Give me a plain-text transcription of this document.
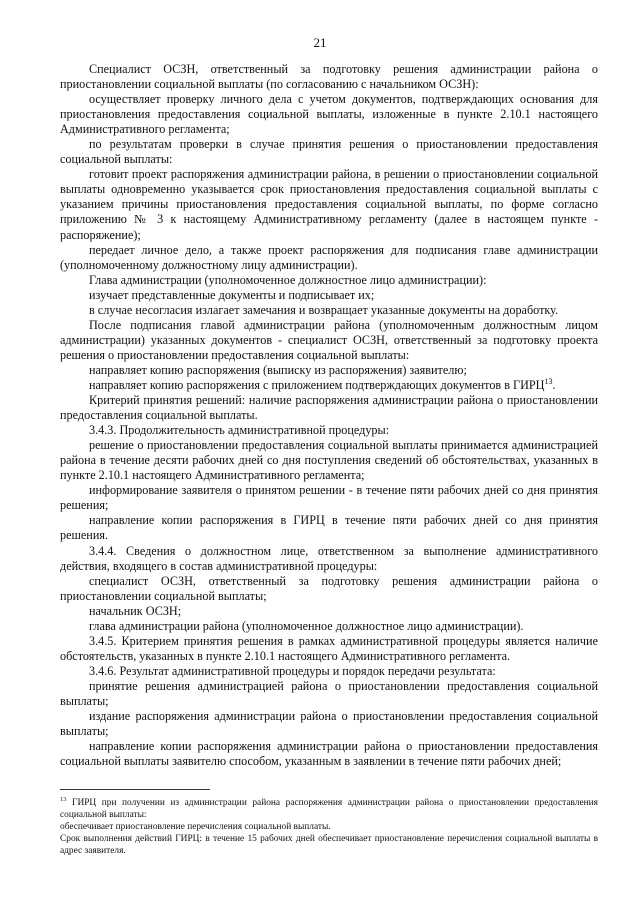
21

Специалист ОСЗН, ответственный за подготовку решения администрации района о приостановлении социальной выплаты (по согласованию с начальником ОСЗН):

осуществляет проверку личного дела с учетом документов, подтверждающих основания для приостановления предоставления социальной выплаты, изложенные в пункте 2.10.1 настоящего Административного регламента;

по результатам проверки в случае принятия решения о приостановлении предоставления социальной выплаты:

готовит проект распоряжения администрации района, в решении о приостановлении социальной выплаты одновременно указывается срок приостановления предоставления социальной выплаты с указанием причины приостановления предоставления социальной выплаты, по форме согласно приложению № 3 к настоящему Административному регламенту (далее в настоящем пункте - распоряжение);

передает личное дело, а также проект распоряжения для подписания главе администрации (уполномоченному должностному лицу администрации).

Глава администрации (уполномоченное должностное лицо администрации):

изучает представленные документы и подписывает их;

в случае несогласия излагает замечания и возвращает указанные документы на доработку.

После подписания главой администрации района (уполномоченным должностным лицом администрации) указанных документов - специалист ОСЗН, ответственный за подготовку проекта решения о приостановлении предоставления социальной выплаты:

направляет копию распоряжения (выписку из распоряжения) заявителю;

направляет копию распоряжения с приложением подтверждающих документов в ГИРЦ$^{13}$.

Критерий принятия решений: наличие распоряжения администрации района о приостановлении предоставления социальной выплаты.

3.4.3. Продолжительность административной процедуры:

решение о приостановлении предоставления социальной выплаты принимается администрацией района в течение десяти рабочих дней со дня поступления сведений об обстоятельствах, указанных в пункте 2.10.1 настоящего Административного регламента;

информирование заявителя о принятом решении - в течение пяти рабочих дней со дня принятия решения;

направление копии распоряжения в ГИРЦ в течение пяти рабочих дней со дня принятия решения.

3.4.4. Сведения о должностном лице, ответственном за выполнение административного действия, входящего в состав административной процедуры:

специалист ОСЗН, ответственный за подготовку решения администрации района о приостановлении социальной выплаты;

начальник ОСЗН;

глава администрации района (уполномоченное должностное лицо администрации).

3.4.5. Критерием принятия решения в рамках административной процедуры является наличие обстоятельств, указанных в пункте 2.10.1 настоящего Административного регламента.

3.4.6. Результат административной процедуры и порядок передачи результата:

принятие решения администрацией района о приостановлении предоставления социальной выплаты;

издание распоряжения администрации района о приостановлении предоставления социальной выплаты;

направление копии распоряжения администрации района о приостановлении предоставления социальной выплаты заявителю способом, указанным в заявлении в течение пяти рабочих дней;

$^{13}$ ГИРЦ при получении из администрации района распоряжения администрации района о приостановлении предоставления социальной выплаты:

обеспечивает приостановление перечисления социальной выплаты.

Срок выполнения действий ГИРЦ: в течение 15 рабочих дней обеспечивает приостановление перечисления социальной выплаты в адрес заявителя.
